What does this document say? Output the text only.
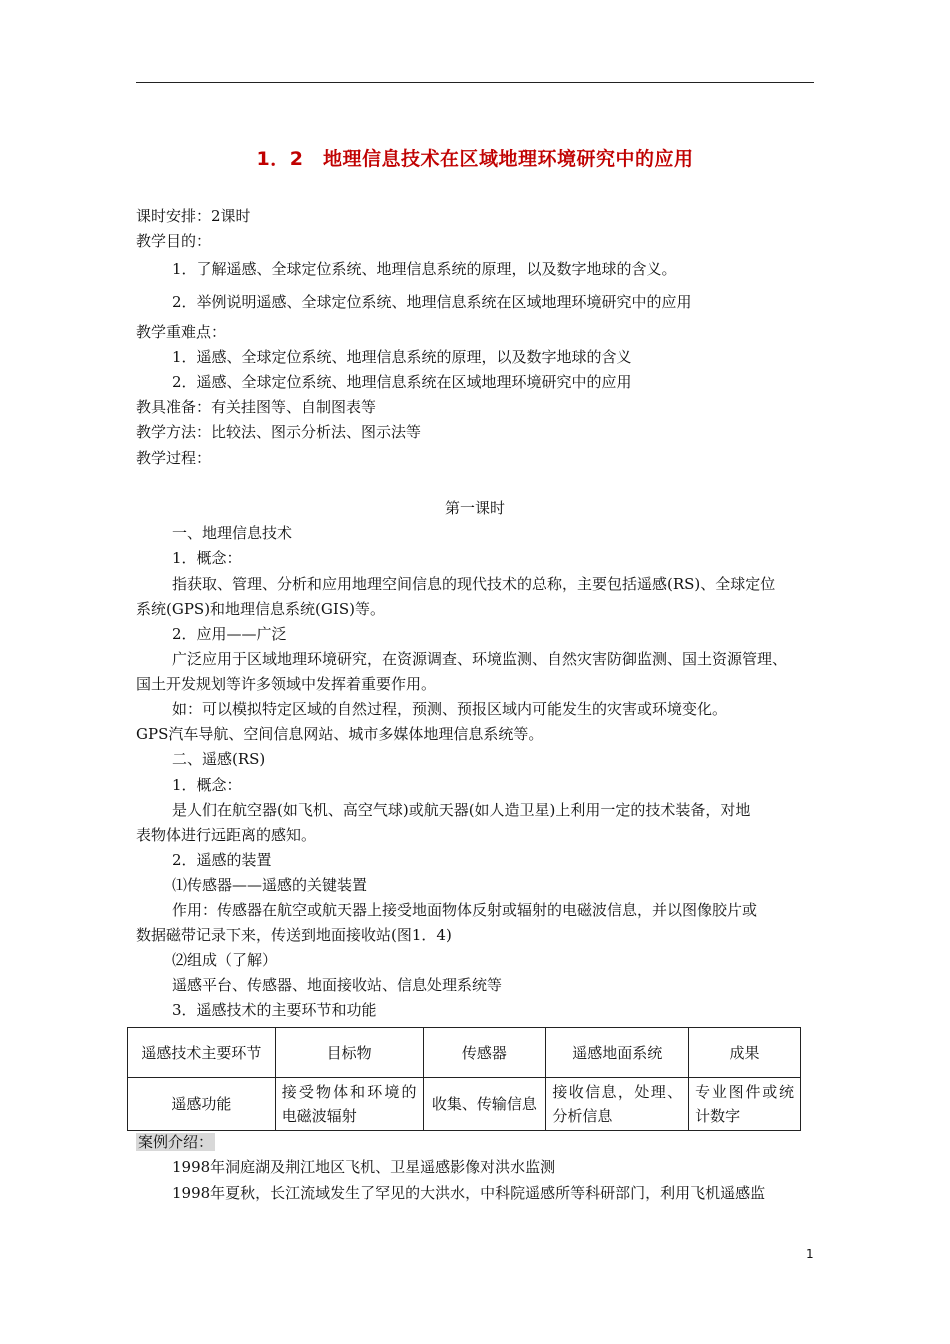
1．2　地理信息技术在区域地理环境研究中的应用
课时安排：2课时
教学目的：
1．了解遥感、全球定位系统、地理信息系统的原理，以及数字地球的含义。
2．举例说明遥感、全球定位系统、地理信息系统在区域地理环境研究中的应用
教学重难点：
1．遥感、全球定位系统、地理信息系统的原理，以及数字地球的含义
2．遥感、全球定位系统、地理信息系统在区域地理环境研究中的应用
教具准备：有关挂图等、自制图表等
教学方法：比较法、图示分析法、图示法等
教学过程：
第一课时
一、地理信息技术
1．概念：
指获取、管理、分析和应用地理空间信息的现代技术的总称，主要包括遥感(RS)、全球定位
系统(GPS)和地理信息系统(GIS)等。
2．应用——广泛
广泛应用于区域地理环境研究，在资源调查、环境监测、自然灾害防御监测、国土资源管理、
国土开发规划等许多领域中发挥着重要作用。
如：可以模拟特定区域的自然过程，预测、预报区域内可能发生的灾害或环境变化。
GPS汽车导航、空间信息网站、城市多媒体地理信息系统等。
二、遥感(RS)
1．概念：
是人们在航空器(如飞机、高空气球)或航天器(如人造卫星)上利用一定的技术装备，对地
表物体进行远距离的感知。
2．遥感的装置
⑴传感器——遥感的关键装置
作用：传感器在航空或航天器上接受地面物体反射或辐射的电磁波信息，并以图像胶片或
数据磁带记录下来，传送到地面接收站(图1．4)
⑵组成（了解）
遥感平台、传感器、地面接收站、信息处理系统等
3．遥感技术的主要环节和功能
遥感技术主要环节	目标物	传感器	遥感地面系统	成果
遥感功能	接受物体和环境的电磁波辐射	收集、传输信息	接收信息，处理、分析信息	专业图件或统计数字
案例介绍：
1998年洞庭湖及荆江地区飞机、卫星遥感影像对洪水监测
1998年夏秋，长江流域发生了罕见的大洪水，中科院遥感所等科研部门，利用飞机遥感监
1
